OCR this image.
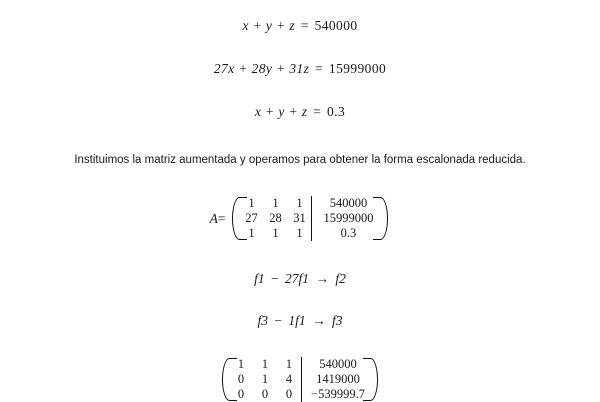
x + y + z = 540000
27x + 28y + 31z = 15999000
x + y + z = 0.3
Instituimos la matriz aumentada y operamos para obtener la forma escalonada reducida.
A=
1	1	1	540000
27	28	31	15999000
1	1	1	0.3
f1 − 27f1 → f2
f3 − 1f1 → f3
1	1	1	540000
0	1	4	1419000
0	0	0	−539999.7
